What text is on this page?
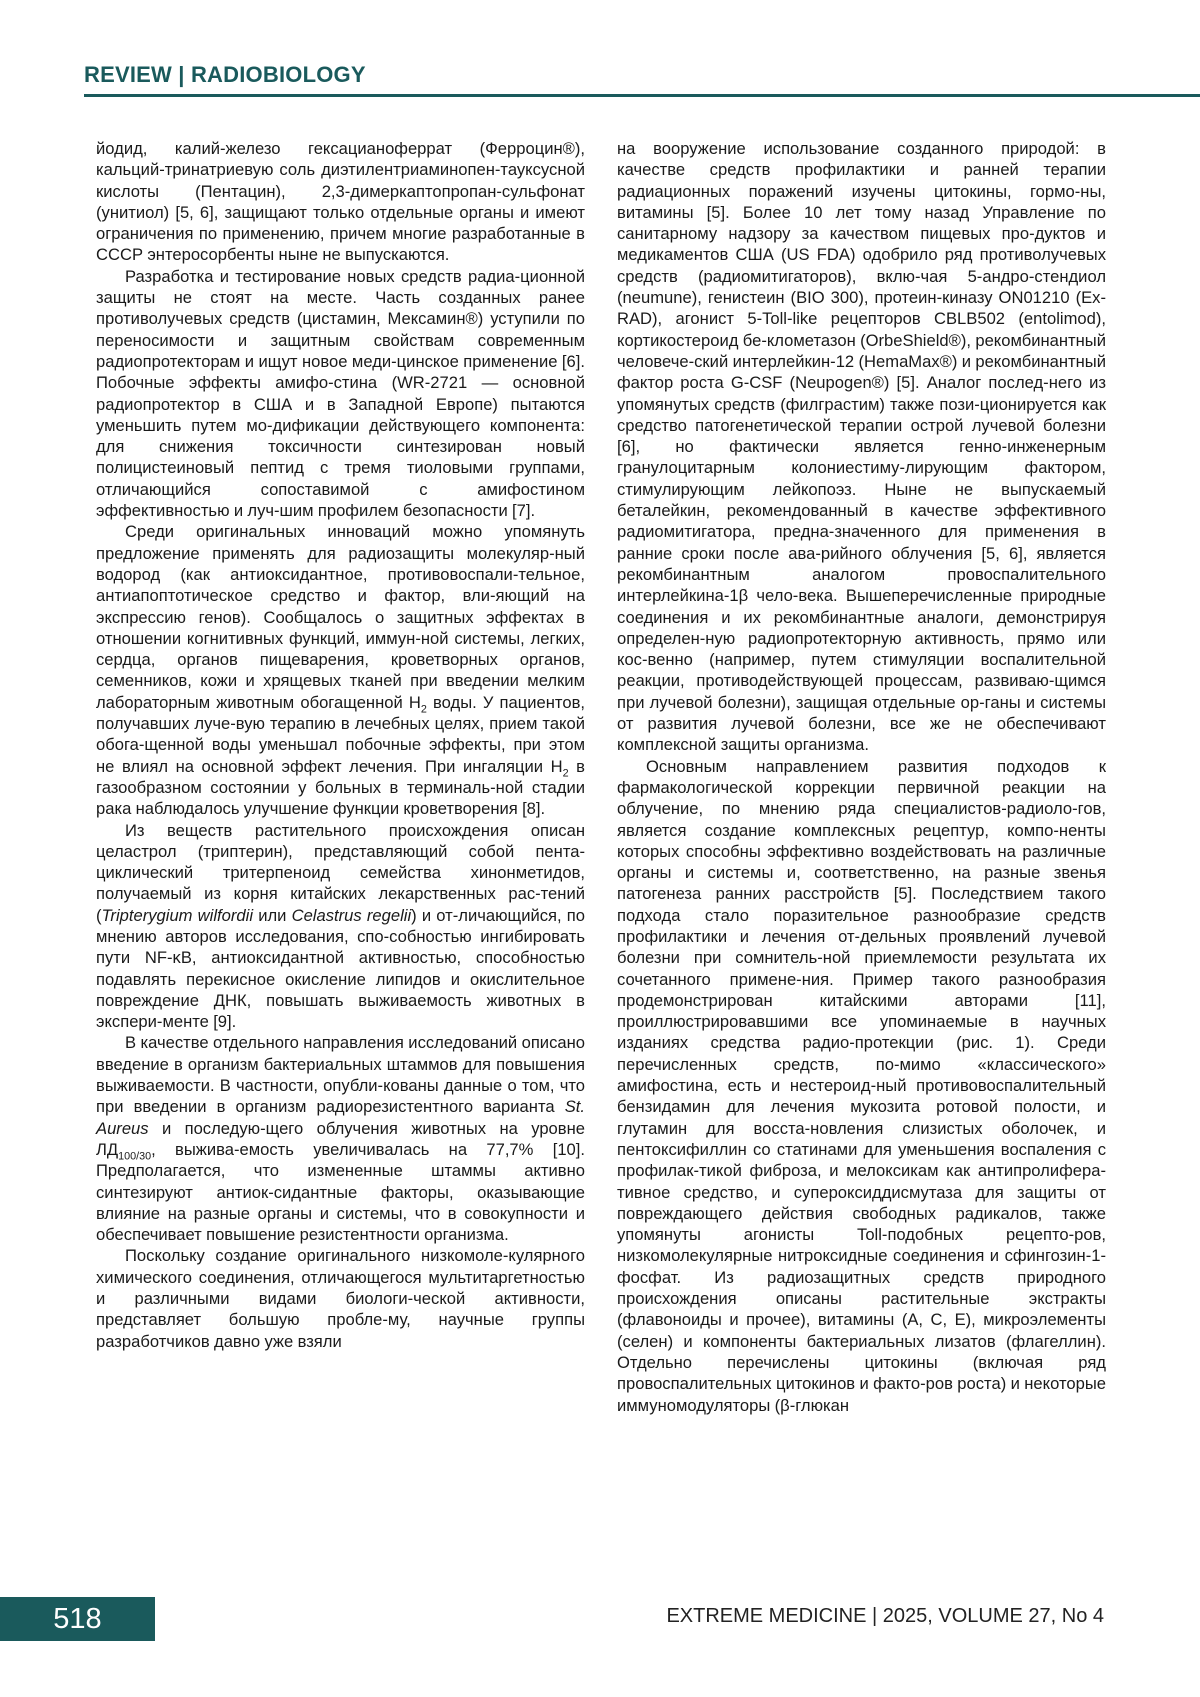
REVIEW | RADIOBIOLOGY

йодид, калий-железо гексацианоферрат (Ферроцин®), кальций-тринатриевую соль диэтилентриаминопен-тауксусной кислоты (Пентацин), 2,3-димеркаптопропан-сульфонат (унитиол) [5, 6], защищают только отдельные органы и имеют ограничения по применению, причем многие разработанные в СССР энтеросорбенты ныне не выпускаются.

Разработка и тестирование новых средств радиа-ционной защиты не стоят на месте. Часть созданных ранее противолучевых средств (цистамин, Мексамин®) уступили по переносимости и защитным свойствам современным радиопротекторам и ищут новое меди-цинское применение [6]. Побочные эффекты амифо-стина (WR-2721 — основной радиопротектор в США и в Западной Европе) пытаются уменьшить путем мо-дификации действующего компонента: для снижения токсичности синтезирован новый полицистеиновый пептид с тремя тиоловыми группами, отличающийся сопоставимой с амифостином эффективностью и луч-шим профилем безопасности [7].

Среди оригинальных инноваций можно упомянуть предложение применять для радиозащиты молекуляр-ный водород (как антиоксидантное, противовоспали-тельное, антиапоптотическое средство и фактор, вли-яющий на экспрессию генов). Сообщалось о защитных эффектах в отношении когнитивных функций, иммун-ной системы, легких, сердца, органов пищеварения, кроветворных органов, семенников, кожи и хрящевых тканей при введении мелким лабораторным животным обогащенной $H_2$ воды. У пациентов, получавших луче-вую терапию в лечебных целях, прием такой обога-щенной воды уменьшал побочные эффекты, при этом не влиял на основной эффект лечения. При ингаляции $H_2$ в газообразном состоянии у больных в терминаль-ной стадии рака наблюдалось улучшение функции кроветворения [8].

Из веществ растительного происхождения описан целастрол (триптерин), представляющий собой пента-циклический тритерпеноид семейства хинонметидов, получаемый из корня китайских лекарственных рас-тений (Tripterygium wilfordii или Celastrus regelii) и от-личающийся, по мнению авторов исследования, спо-собностью ингибировать пути NF-κB, антиоксидантной активностью, способностью подавлять перекисное окисление липидов и окислительное повреждение ДНК, повышать выживаемость животных в экспери-менте [9].

В качестве отдельного направления исследований описано введение в организм бактериальных штаммов для повышения выживаемости. В частности, опубли-кованы данные о том, что при введении в организм радиорезистентного варианта St. Aureus и последую-щего облучения животных на уровне $ЛД_{100/30}$, выжива-емость увеличивалась на 77,7% [10]. Предполагается, что измененные штаммы активно синтезируют антиок-сидантные факторы, оказывающие влияние на разные органы и системы, что в совокупности и обеспечивает повышение резистентности организма.

Поскольку создание оригинального низкомоле-кулярного химического соединения, отличающегося мультитаргетностью и различными видами биологи-ческой активности, представляет большую пробле-му, научные группы разработчиков давно уже взяли

на вооружение использование созданного природой: в качестве средств профилактики и ранней терапии радиационных поражений изучены цитокины, гормо-ны, витамины [5]. Более 10 лет тому назад Управление по санитарному надзору за качеством пищевых про-дуктов и медикаментов США (US FDA) одобрило ряд противолучевых средств (радиомитигаторов), вклю-чая 5-андро-стендиол (neumune), генистеин (BIO 300), протеин-киназу ON01210 (Ex-RAD), агонист 5-Toll-like рецепторов CBLB502 (entolimod), кортикостероид бе-клометазон (OrbeShield®), рекомбинантный человече-ский интерлейкин-12 (HemaMax®) и рекомбинантный фактор роста G-CSF (Neupogen®) [5]. Аналог послед-него из упомянутых средств (филграстим) также пози-ционируется как средство патогенетической терапии острой лучевой болезни [6], но фактически является генно-инженерным гранулоцитарным колониестиму-лирующим фактором, стимулирующим лейкопоэз. Ныне не выпускаемый беталейкин, рекомендованный в качестве эффективного радиомитигатора, предна-значенного для применения в ранние сроки после ава-рийного облучения [5, 6], является рекомбинантным аналогом провоспалительного интерлейкина-1β чело-века. Вышеперечисленные природные соединения и их рекомбинантные аналоги, демонстрируя определен-ную радиопротекторную активность, прямо или кос-венно (например, путем стимуляции воспалительной реакции, противодействующей процессам, развиваю-щимся при лучевой болезни), защищая отдельные ор-ганы и системы от развития лучевой болезни, все же не обеспечивают комплексной защиты организма.

Основным направлением развития подходов к фармакологической коррекции первичной реакции на облучение, по мнению ряда специалистов-радиоло-гов, является создание комплексных рецептур, компо-ненты которых способны эффективно воздействовать на различные органы и системы и, соответственно, на разные звенья патогенеза ранних расстройств [5]. Последствием такого подхода стало поразительное разнообразие средств профилактики и лечения от-дельных проявлений лучевой болезни при сомнитель-ной приемлемости результата их сочетанного примене-ния. Пример такого разнообразия продемонстрирован китайскими авторами [11], проиллюстрировавшими все упоминаемые в научных изданиях средства радио-протекции (рис. 1). Среди перечисленных средств, по-мимо «классического» амифостина, есть и нестероид-ный противовоспалительный бензидамин для лечения мукозита ротовой полости, и глутамин для восста-новления слизистых оболочек, и пентоксифиллин со статинами для уменьшения воспаления с профилак-тикой фиброза, и мелоксикам как антипролифера-тивное средство, и супероксиддисмутаза для защиты от повреждающего действия свободных радикалов, также упомянуты агонисты Toll-подобных рецепто-ров, низкомолекулярные нитроксидные соединения и сфингозин-1-фосфат. Из радиозащитных средств природного происхождения описаны растительные экстракты (флавоноиды и прочее), витамины (A, C, E), микроэлементы (селен) и компоненты бактериальных лизатов (флагеллин). Отдельно перечислены цитокины (включая ряд провоспалительных цитокинов и факто-ров роста) и некоторые иммуномодуляторы (β-глюкан

518	EXTREME MEDICINE | 2025, VOLUME 27, No 4
